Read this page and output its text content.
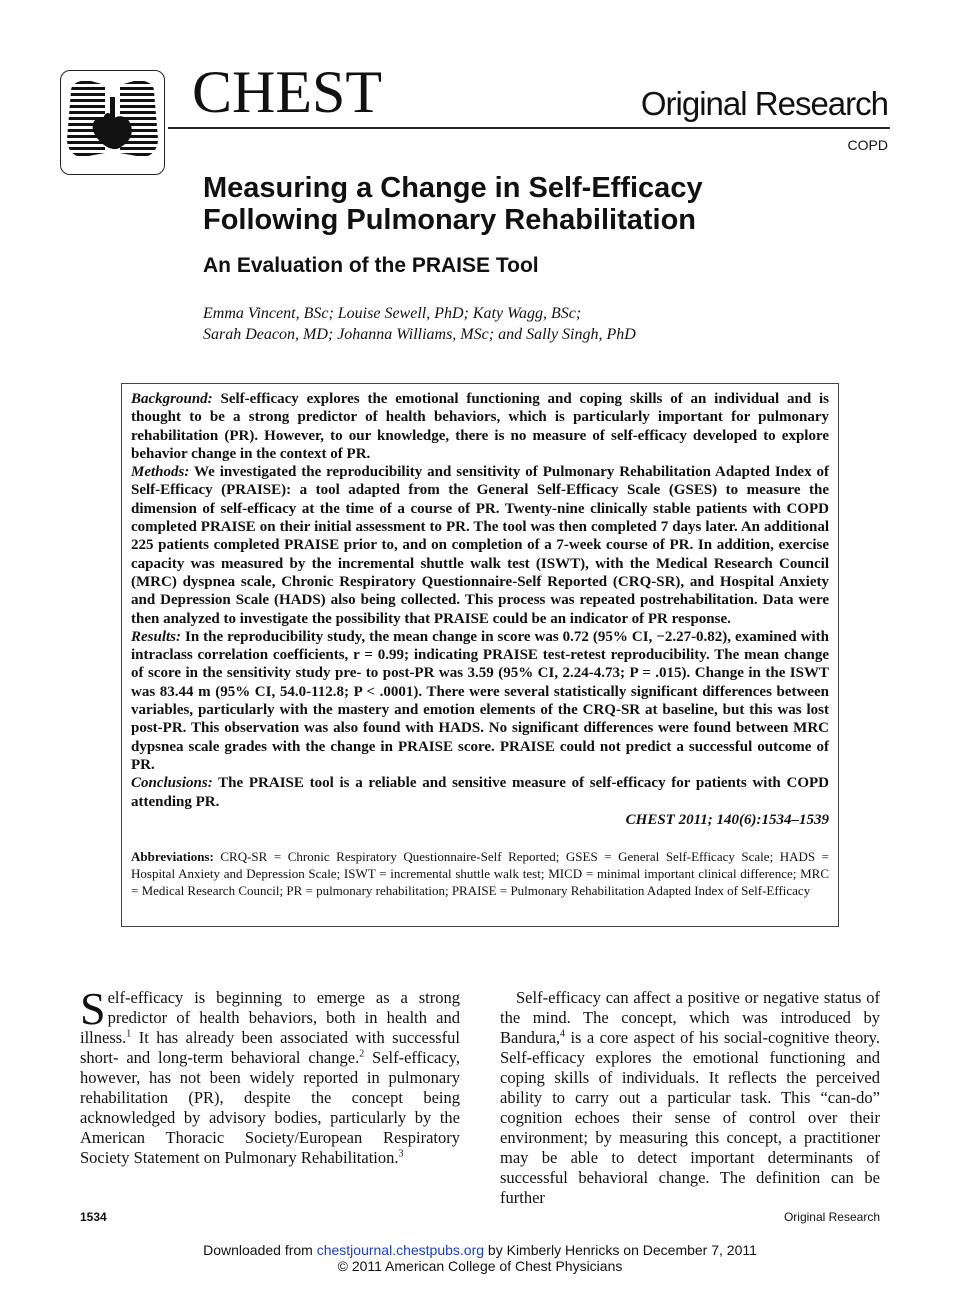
CHEST	Original Research
COPD
Measuring a Change in Self-Efficacy Following Pulmonary Rehabilitation
An Evaluation of the PRAISE Tool
Emma Vincent, BSc; Louise Sewell, PhD; Katy Wagg, BSc;
Sarah Deacon, MD; Johanna Williams, MSc; and Sally Singh, PhD
Background: Self-efficacy explores the emotional functioning and coping skills of an individual and is thought to be a strong predictor of health behaviors, which is particularly important for pulmonary rehabilitation (PR). However, to our knowledge, there is no measure of self-efficacy developed to explore behavior change in the context of PR.
Methods: We investigated the reproducibility and sensitivity of Pulmonary Rehabilitation Adapted Index of Self-Efficacy (PRAISE): a tool adapted from the General Self-Efficacy Scale (GSES) to measure the dimension of self-efficacy at the time of a course of PR. Twenty-nine clinically stable patients with COPD completed PRAISE on their initial assessment to PR. The tool was then completed 7 days later. An additional 225 patients completed PRAISE prior to, and on completion of a 7-week course of PR. In addition, exercise capacity was measured by the incremental shuttle walk test (ISWT), with the Medical Research Council (MRC) dyspnea scale, Chronic Respiratory Questionnaire-Self Reported (CRQ-SR), and Hospital Anxiety and Depression Scale (HADS) also being collected. This process was repeated postrehabilitation. Data were then analyzed to investigate the possibility that PRAISE could be an indicator of PR response.
Results: In the reproducibility study, the mean change in score was 0.72 (95% CI, −2.27-0.82), examined with intraclass correlation coefficients, r = 0.99; indicating PRAISE test-retest reproducibility. The mean change of score in the sensitivity study pre- to post-PR was 3.59 (95% CI, 2.24-4.73; P = .015). Change in the ISWT was 83.44 m (95% CI, 54.0-112.8; P < .0001). There were several statistically significant differences between variables, particularly with the mastery and emotion elements of the CRQ-SR at baseline, but this was lost post-PR. This observation was also found with HADS. No significant differences were found between MRC dypsnea scale grades with the change in PRAISE score. PRAISE could not predict a successful outcome of PR.
Conclusions: The PRAISE tool is a reliable and sensitive measure of self-efficacy for patients with COPD attending PR.
CHEST 2011; 140(6):1534–1539
Abbreviations: CRQ-SR = Chronic Respiratory Questionnaire-Self Reported; GSES = General Self-Efficacy Scale; HADS = Hospital Anxiety and Depression Scale; ISWT = incremental shuttle walk test; MICD = minimal important clinical difference; MRC = Medical Research Council; PR = pulmonary rehabilitation; PRAISE = Pulmonary Rehabilitation Adapted Index of Self-Efficacy
Self-efficacy is beginning to emerge as a strong predictor of health behaviors, both in health and illness.$^1$ It has already been associated with successful short- and long-term behavioral change.$^2$ Self-efficacy, however, has not been widely reported in pulmonary rehabilitation (PR), despite the concept being acknowledged by advisory bodies, particularly by the American Thoracic Society/European Respiratory Society Statement on Pulmonary Rehabilitation.$^3$
Self-efficacy can affect a positive or negative status of the mind. The concept, which was introduced by Bandura,$^4$ is a core aspect of his social-cognitive theory. Self-efficacy explores the emotional functioning and coping skills of individuals. It reflects the perceived ability to carry out a particular task. This “can-do” cognition echoes their sense of control over their environment; by measuring this concept, a practitioner may be able to detect important determinants of successful behavioral change. The definition can be further
1534	Original Research
Downloaded from chestjournal.chestpubs.org by Kimberly Henricks on December 7, 2011
© 2011 American College of Chest Physicians
